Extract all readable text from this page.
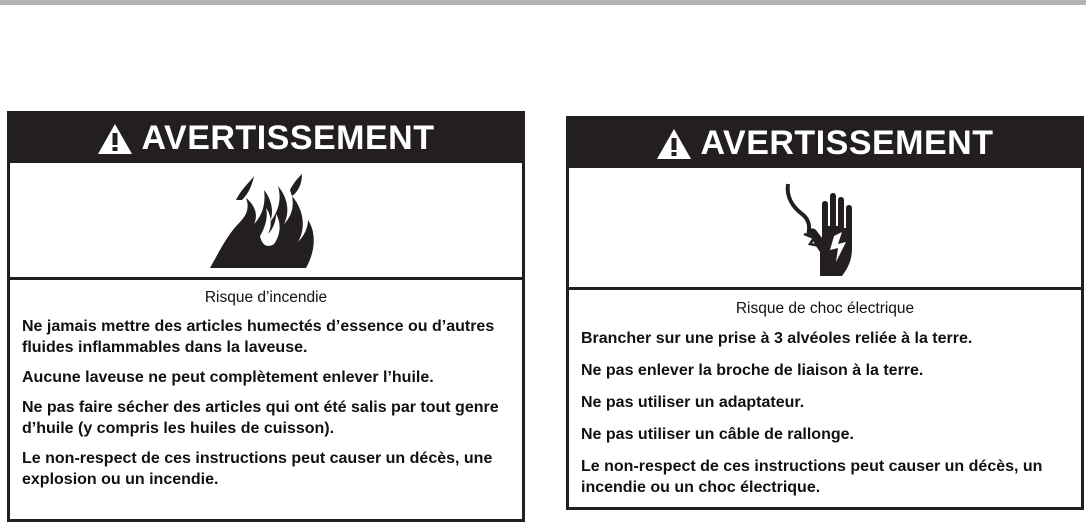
AVERTISSEMENT
Risque d’incendie
Ne jamais mettre des articles humectés d’essence ou d’autres fluides inflammables dans la laveuse.
Aucune laveuse ne peut complètement enlever l’huile.
Ne pas faire sécher des articles qui ont été salis par tout genre d’huile (y compris les huiles de cuisson).
Le non-respect de ces instructions peut causer un décès, une explosion ou un incendie.
AVERTISSEMENT
Risque de choc électrique
Brancher sur une prise à 3 alvéoles reliée à la terre.
Ne pas enlever la broche de liaison à la terre.
Ne pas utiliser un adaptateur.
Ne pas utiliser un câble de rallonge.
Le non-respect de ces instructions peut causer un décès, un incendie ou un choc électrique.
